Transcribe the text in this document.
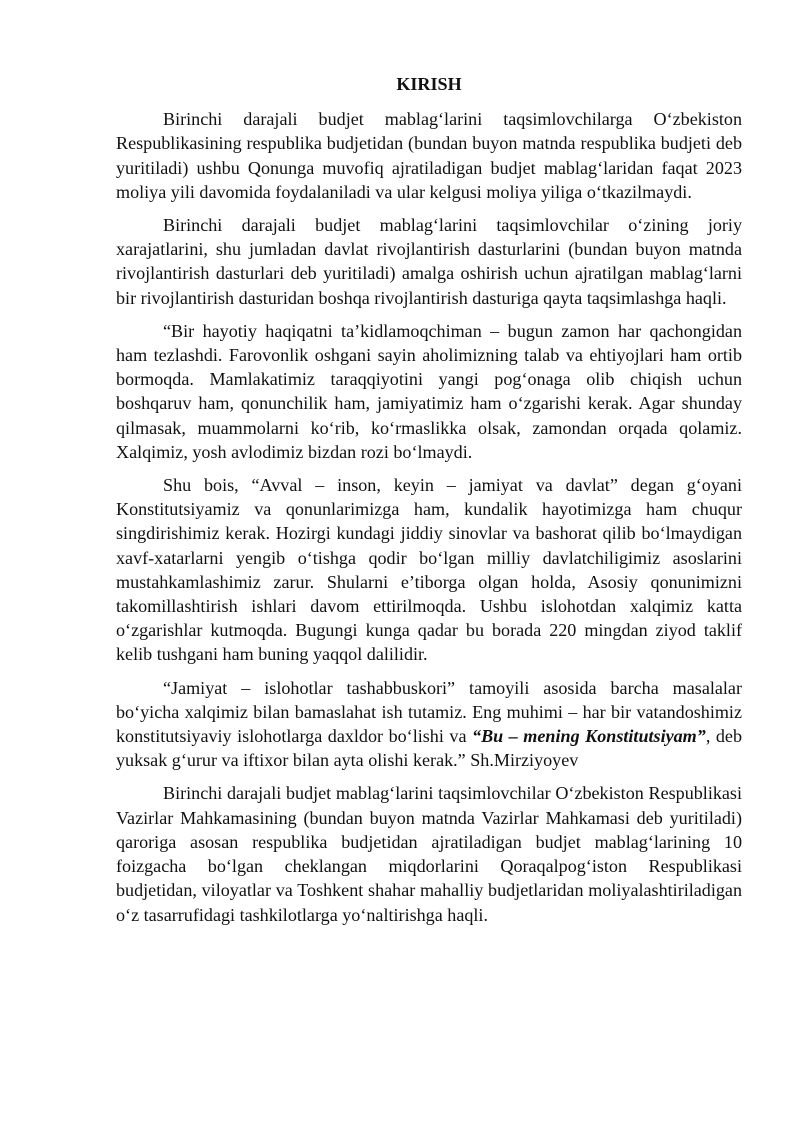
KIRISH

Birinchi darajali budjet mablag‘larini taqsimlovchilarga O‘zbekiston Respublikasining respublika budjetidan (bundan buyon matnda respublika budjeti deb yuritiladi) ushbu Qonunga muvofiq ajratiladigan budjet mablag‘laridan faqat 2023 moliya yili davomida foydalaniladi va ular kelgusi moliya yiliga o‘tkazilmaydi.

Birinchi darajali budjet mablag‘larini taqsimlovchilar o‘zining joriy xarajatlarini, shu jumladan davlat rivojlantirish dasturlarini (bundan buyon matnda rivojlantirish dasturlari deb yuritiladi) amalga oshirish uchun ajratilgan mablag‘larni bir rivojlantirish dasturidan boshqa rivojlantirish dasturiga qayta taqsimlashga haqli.

“Bir hayotiy haqiqatni ta’kidlamoqchiman – bugun zamon har qachongidan ham tezlashdi. Farovonlik oshgani sayin aholimizning talab va ehtiyojlari ham ortib bormoqda. Mamlakatimiz taraqqiyotini yangi pog‘onaga olib chiqish uchun boshqaruv ham, qonunchilik ham, jamiyatimiz ham o‘zgarishi kerak. Agar shunday qilmasak, muammolarni ko‘rib, ko‘rmaslikka olsak, zamondan orqada qolamiz. Xalqimiz, yosh avlodimiz bizdan rozi bo‘lmaydi.

Shu bois, “Avval – inson, keyin – jamiyat va davlat” degan g‘oyani Konstitutsiyamiz va qonunlarimizga ham, kundalik hayotimizga ham chuqur singdirishimiz kerak. Hozirgi kundagi jiddiy sinovlar va bashorat qilib bo‘lmaydigan xavf-xatarlarni yengib o‘tishga qodir bo‘lgan milliy davlatchiligimiz asoslarini mustahkamlashimiz zarur. Shularni e’tiborga olgan holda, Asosiy qonunimizni takomillashtirish ishlari davom ettirilmoqda. Ushbu islohotdan xalqimiz katta o‘zgarishlar kutmoqda. Bugungi kunga qadar bu borada 220 mingdan ziyod taklif kelib tushgani ham buning yaqqol dalilidir.

“Jamiyat – islohotlar tashabbuskori” tamoyili asosida barcha masalalar bo‘yicha xalqimiz bilan bamaslahat ish tutamiz. Eng muhimi – har bir vatandoshimiz konstitutsiyaviy islohotlarga daxldor bo‘lishi va “Bu – mening Konstitutsiyam”, deb yuksak g‘urur va iftixor bilan ayta olishi kerak.” Sh.Mirziyoyev

Birinchi darajali budjet mablag‘larini taqsimlovchilar O‘zbekiston Respublikasi Vazirlar Mahkamasining (bundan buyon matnda Vazirlar Mahkamasi deb yuritiladi) qaroriga asosan respublika budjetidan ajratiladigan budjet mablag‘larining 10 foizgacha bo‘lgan cheklangan miqdorlarini Qoraqalpog‘iston Respublikasi budjetidan, viloyatlar va Toshkent shahar mahalliy budjetlaridan moliyalashtiriladigan o‘z tasarrufidagi tashkilotlarga yo‘naltirishga haqli.
